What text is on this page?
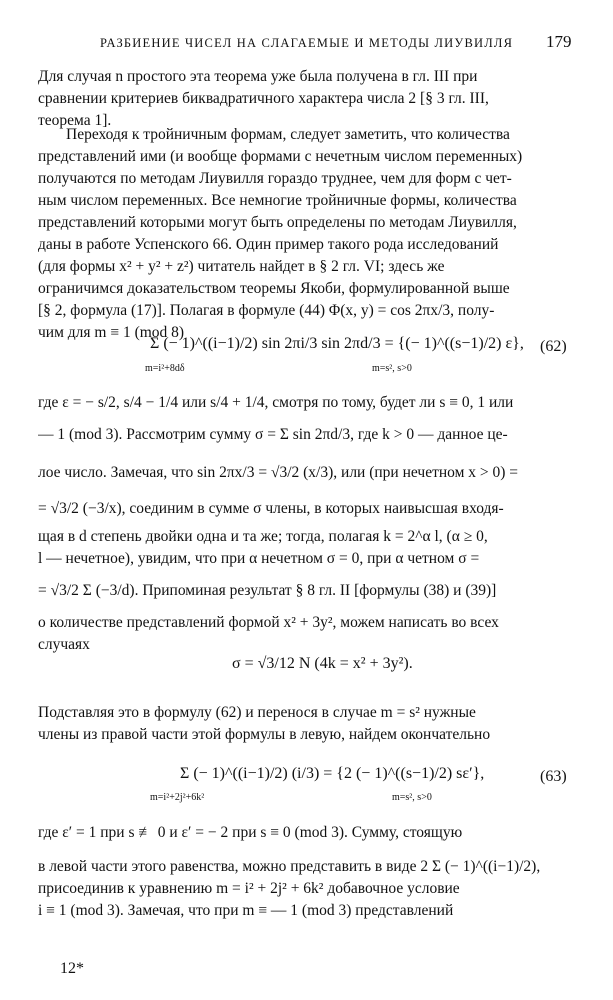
РАЗБИЕНИЕ ЧИСЕЛ НА СЛАГАЕМЫЕ И МЕТОДЫ ЛИУВИЛЛЯ 179
Для случая n простого эта теорема уже была получена в гл. III при
сравнении критериев биквадратичного характера числа 2 [§ 3 гл. III,
теорема 1].
Переходя к тройничным формам, следует заметить, что количества
представлений ими (и вообще формами с нечетным числом переменных)
получаются по методам Лиувилля гораздо труднее, чем для форм с чет-
ным числом переменных. Все немногие тройничные формы, количества
представлений которыми могут быть определены по методам Лиувилля,
даны в работе Успенского 66. Один пример такого рода исследований
(для формы x² + y² + z²) читатель найдет в § 2 гл. VI; здесь же
ограничимся доказательством теоремы Якоби, формулированной выше
[§ 2, формула (17)]. Полагая в формуле (44) Φ(x, y) = cos 2πx/3, полу-
чим для m ≡ 1 (mod 8)
Σ (− 1)^((i−1)/2) sin 2πi/3 sin 2πd/3 = {(− 1)^((s−1)/2) ε},
m=i²+8dδ	m=s², s>0
(62)
где ε = − s/2, s/4 − 1/4 или s/4 + 1/4, смотря по тому, будет ли s ≡ 0, 1 или
— 1 (mod 3). Рассмотрим сумму σ = Σ sin 2πd/3, где k > 0 — данное це-
лое число. Замечая, что sin 2πx/3 = √3/2 (x/3), или (при нечетном x > 0) =
= √3/2 (−3/x), соединим в сумме σ члены, в которых наивысшая входя-
щая в d степень двойки одна и та же; тогда, полагая k = 2^α l, (α ≥ 0,
l — нечетное), увидим, что при α нечетном σ = 0, при α четном σ =
= √3/2 Σ (−3/d). Припоминая результат § 8 гл. II [формулы (38) и (39)]
о количестве представлений формой x² + 3y², можем написать во всех
случаях
σ = √3/12 N (4k = x² + 3y²).
Подставляя это в формулу (62) и перенося в случае m = s² нужные
члены из правой части этой формулы в левую, найдем окончательно
Σ (− 1)^((i−1)/2) (i/3) = {2 (− 1)^((s−1)/2) sε′},
m=i²+2j²+6k²	m=s², s>0
(63)
где ε′ = 1 при s ≢ 0 и ε′ = − 2 при s ≡ 0 (mod 3). Сумму, стоящую
в левой части этого равенства, можно представить в виде 2 Σ (− 1)^((i−1)/2),
присоединив к уравнению m = i² + 2j² + 6k² добавочное условие
i ≡ 1 (mod 3). Замечая, что при m ≡ — 1 (mod 3) представлений
12*
